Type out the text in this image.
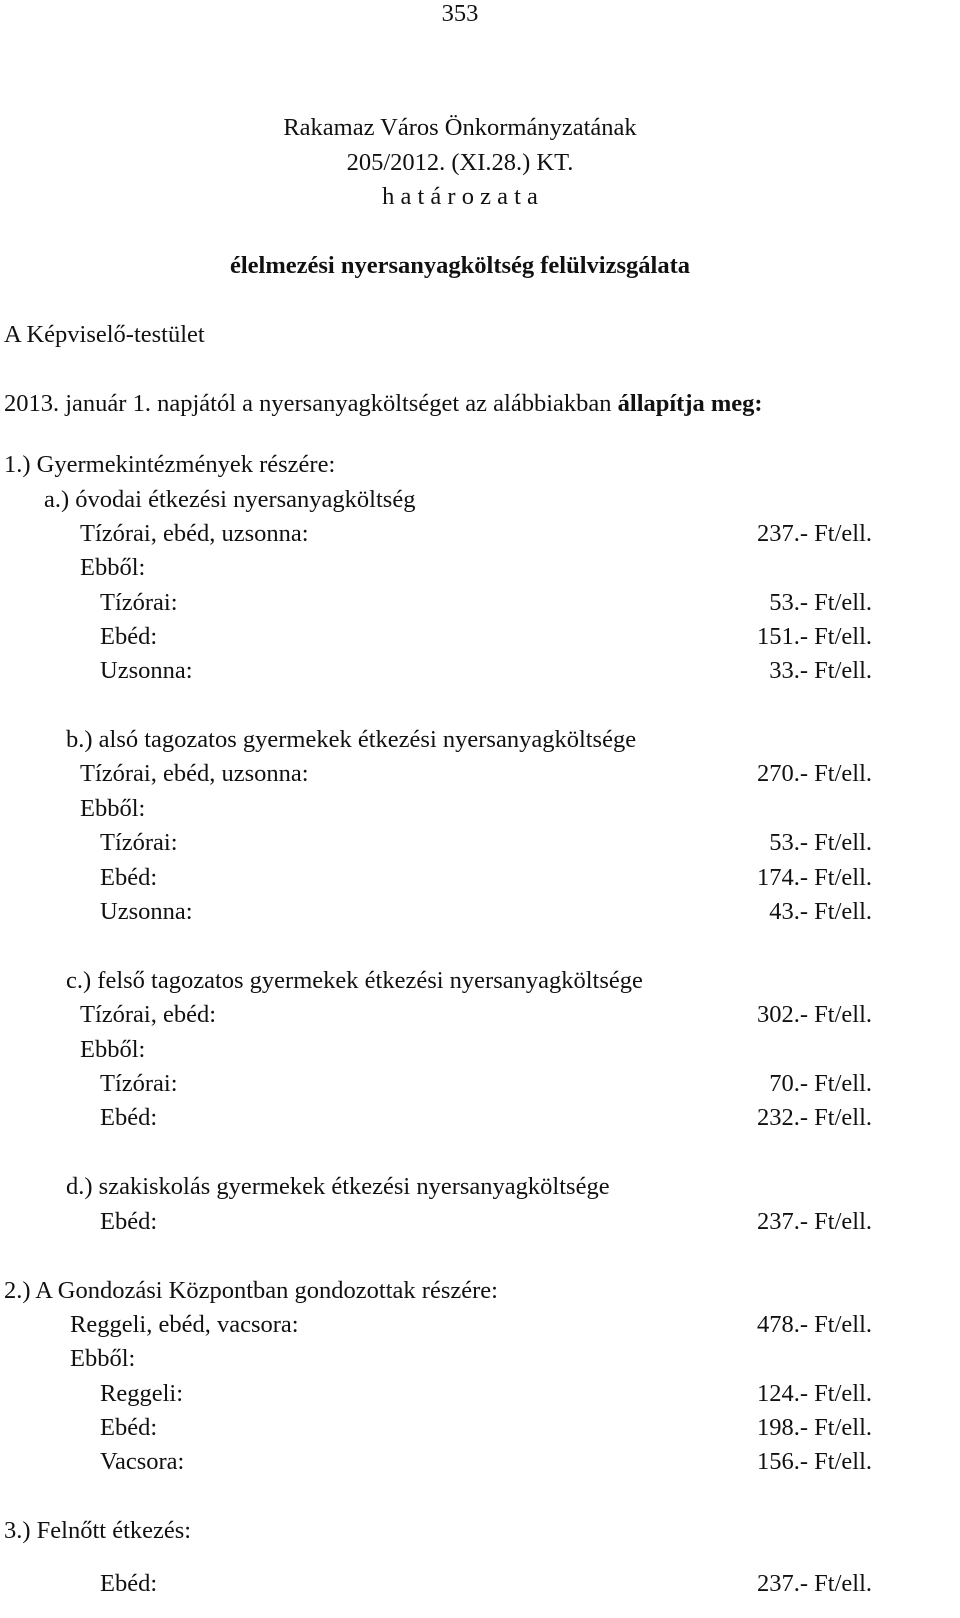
353
Rakamaz Város Önkormányzatának
205/2012. (XI.28.) KT.
h a t á r o z a t a
élelmezési nyersanyagköltség felülvizsgálata
A Képviselő-testület
2013. január 1. napjától a nyersanyagköltséget az alábbiakban állapítja meg:
1.) Gyermekintézmények részére:
a.) óvodai étkezési nyersanyagköltség
Tízórai, ebéd, uzsonna:	237.- Ft/ell.
Ebből:
Tízórai:	53.- Ft/ell.
Ebéd:	151.- Ft/ell.
Uzsonna:	33.- Ft/ell.
b.) alsó tagozatos gyermekek étkezési nyersanyagköltsége
Tízórai, ebéd, uzsonna:	270.- Ft/ell.
Ebből:
Tízórai:	53.- Ft/ell.
Ebéd:	174.- Ft/ell.
Uzsonna:	43.- Ft/ell.
c.) felső tagozatos gyermekek étkezési nyersanyagköltsége
Tízórai, ebéd:	302.- Ft/ell.
Ebből:
Tízórai:	70.- Ft/ell.
Ebéd:	232.- Ft/ell.
d.) szakiskolás gyermekek étkezési nyersanyagköltsége
Ebéd:	237.- Ft/ell.
2.) A Gondozási Központban gondozottak részére:
Reggeli, ebéd, vacsora:	478.- Ft/ell.
Ebből:
Reggeli:	124.- Ft/ell.
Ebéd:	198.- Ft/ell.
Vacsora:	156.- Ft/ell.
3.) Felnőtt étkezés:
Ebéd:	237.- Ft/ell.
